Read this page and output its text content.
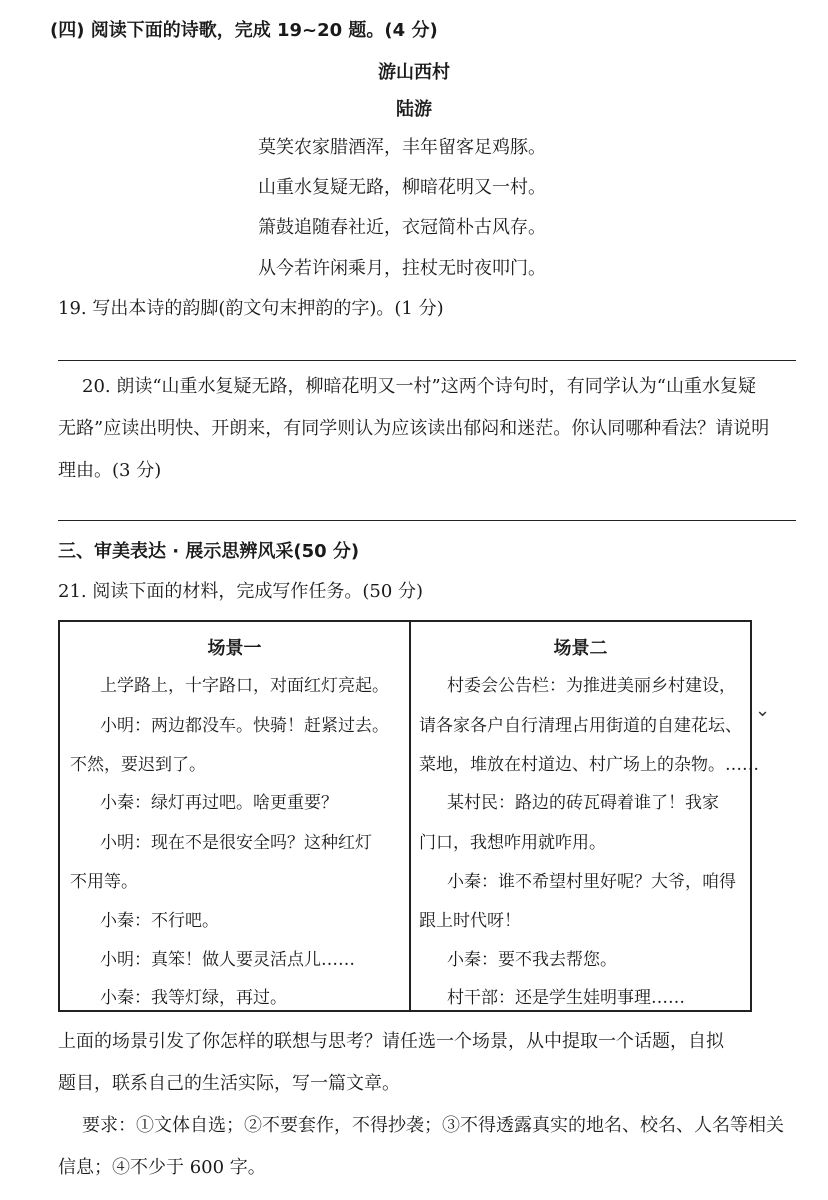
(四) 阅读下面的诗歌，完成 19~20 题。(4 分)
游山西村
陆游
莫笑农家腊酒浑，丰年留客足鸡豚。
山重水复疑无路，柳暗花明又一村。
箫鼓追随春社近，衣冠简朴古风存。
从今若许闲乘月，拄杖无时夜叩门。
19. 写出本诗的韵脚(韵文句末押韵的字)。(1 分)
20. 朗读“山重水复疑无路，柳暗花明又一村”这两个诗句时，有同学认为“山重水复疑
无路”应读出明快、开朗来，有同学则认为应该读出郁闷和迷茫。你认同哪种看法？请说明
理由。(3 分)
三、审美表达 · 展示思辨风采(50 分)
21. 阅读下面的材料，完成写作任务。(50 分)
场景一
上学路上，十字路口，对面红灯亮起。
小明：两边都没车。快骑！赶紧过去。
不然，要迟到了。
小秦：绿灯再过吧。啥更重要？
小明：现在不是很安全吗？这种红灯
不用等。
小秦：不行吧。
小明：真笨！做人要灵活点儿……
小秦：我等灯绿，再过。
场景二
村委会公告栏：为推进美丽乡村建设，
请各家各户自行清理占用街道的自建花坛、
菜地，堆放在村道边、村广场上的杂物。……
某村民：路边的砖瓦碍着谁了！我家
门口，我想咋用就咋用。
小秦：谁不希望村里好呢？大爷，咱得
跟上时代呀！
小秦：要不我去帮您。
村干部：还是学生娃明事理……
⌄
上面的场景引发了你怎样的联想与思考？请任选一个场景，从中提取一个话题，自拟
题目，联系自己的生活实际，写一篇文章。
要求：①文体自选；②不要套作，不得抄袭；③不得透露真实的地名、校名、人名等相关
信息；④不少于 600 字。
